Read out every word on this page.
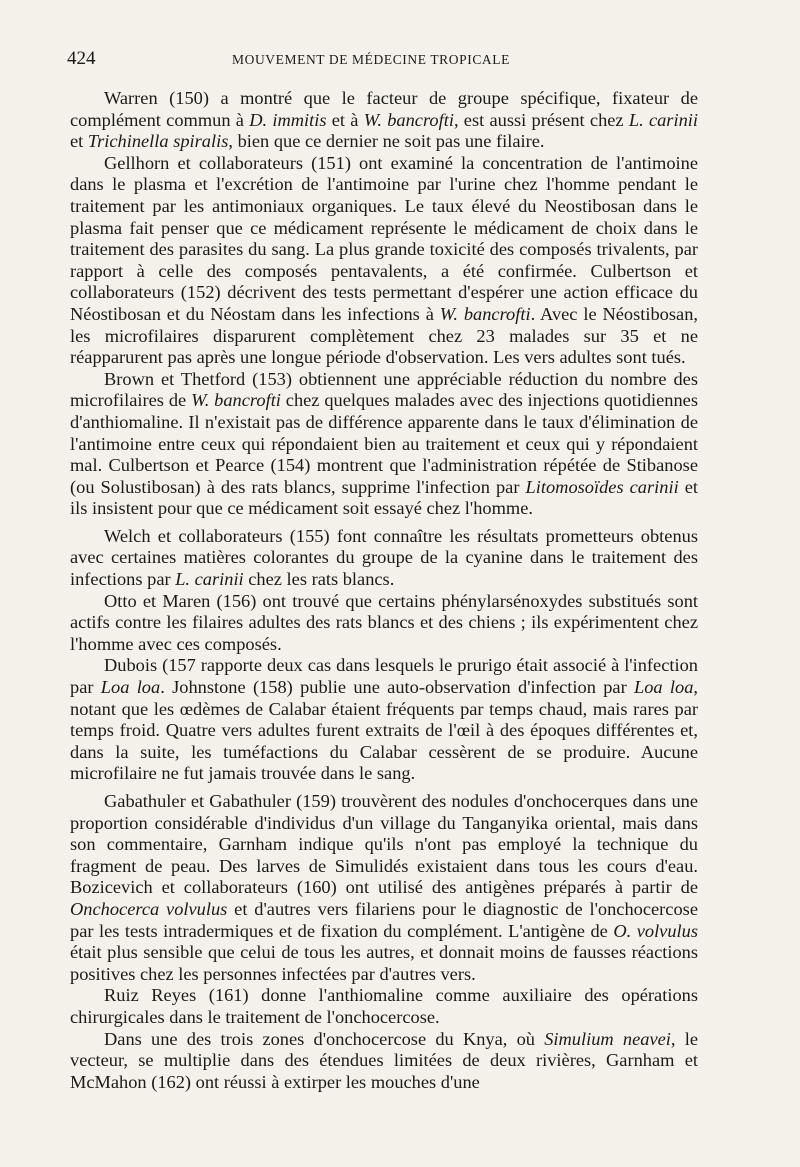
424	MOUVEMENT DE MÉDECINE TROPICALE

Warren (150) a montré que le facteur de groupe spécifique, fixateur de complément commun à D. immitis et à W. bancrofti, est aussi présent chez L. carinii et Trichinella spiralis, bien que ce dernier ne soit pas une filaire.

Gellhorn et collaborateurs (151) ont examiné la concentration de l'antimoine dans le plasma et l'excrétion de l'antimoine par l'urine chez l'homme pendant le traitement par les antimoniaux organiques. Le taux élevé du Neostibosan dans le plasma fait penser que ce médicament représente le médicament de choix dans le traitement des parasites du sang. La plus grande toxicité des composés trivalents, par rapport à celle des composés pentavalents, a été confirmée. Culbertson et collaborateurs (152) décrivent des tests permettant d'espérer une action efficace du Néostibosan et du Néostam dans les infections à W. bancrofti. Avec le Néostibosan, les microfilaires disparurent complètement chez 23 malades sur 35 et ne réapparurent pas après une longue période d'observation. Les vers adultes sont tués.

Brown et Thetford (153) obtiennent une appréciable réduction du nombre des microfilaires de W. bancrofti chez quelques malades avec des injections quotidiennes d'anthiomaline. Il n'existait pas de différence apparente dans le taux d'élimination de l'antimoine entre ceux qui répondaient bien au traitement et ceux qui y répondaient mal. Culbertson et Pearce (154) montrent que l'administration répétée de Stibanose (ou Solustibosan) à des rats blancs, supprime l'infection par Litomosoïdes carinii et ils insistent pour que ce médicament soit essayé chez l'homme.

Welch et collaborateurs (155) font connaître les résultats prometteurs obtenus avec certaines matières colorantes du groupe de la cyanine dans le traitement des infections par L. carinii chez les rats blancs.

Otto et Maren (156) ont trouvé que certains phénylarsénoxydes substitués sont actifs contre les filaires adultes des rats blancs et des chiens ; ils expérimentent chez l'homme avec ces composés.

Dubois (157 rapporte deux cas dans lesquels le prurigo était associé à l'infection par Loa loa. Johnstone (158) publie une auto-observation d'infection par Loa loa, notant que les œdèmes de Calabar étaient fréquents par temps chaud, mais rares par temps froid. Quatre vers adultes furent extraits de l'œil à des époques différentes et, dans la suite, les tuméfactions du Calabar cessèrent de se produire. Aucune microfilaire ne fut jamais trouvée dans le sang.

Gabathuler et Gabathuler (159) trouvèrent des nodules d'onchocerques dans une proportion considérable d'individus d'un village du Tanganyika oriental, mais dans son commentaire, Garnham indique qu'ils n'ont pas employé la technique du fragment de peau. Des larves de Simulidés existaient dans tous les cours d'eau. Bozicevich et collaborateurs (160) ont utilisé des antigènes préparés à partir de Onchocerca volvulus et d'autres vers filariens pour le diagnostic de l'onchocercose par les tests intradermiques et de fixation du complément. L'antigène de O. volvulus était plus sensible que celui de tous les autres, et donnait moins de fausses réactions positives chez les personnes infectées par d'autres vers.

Ruiz Reyes (161) donne l'anthiomaline comme auxiliaire des opérations chirurgicales dans le traitement de l'onchocercose.

Dans une des trois zones d'onchocercose du Knya, où Simulium neavei, le vecteur, se multiplie dans des étendues limitées de deux rivières, Garnham et McMahon (162) ont réussi à extirper les mouches d'une
